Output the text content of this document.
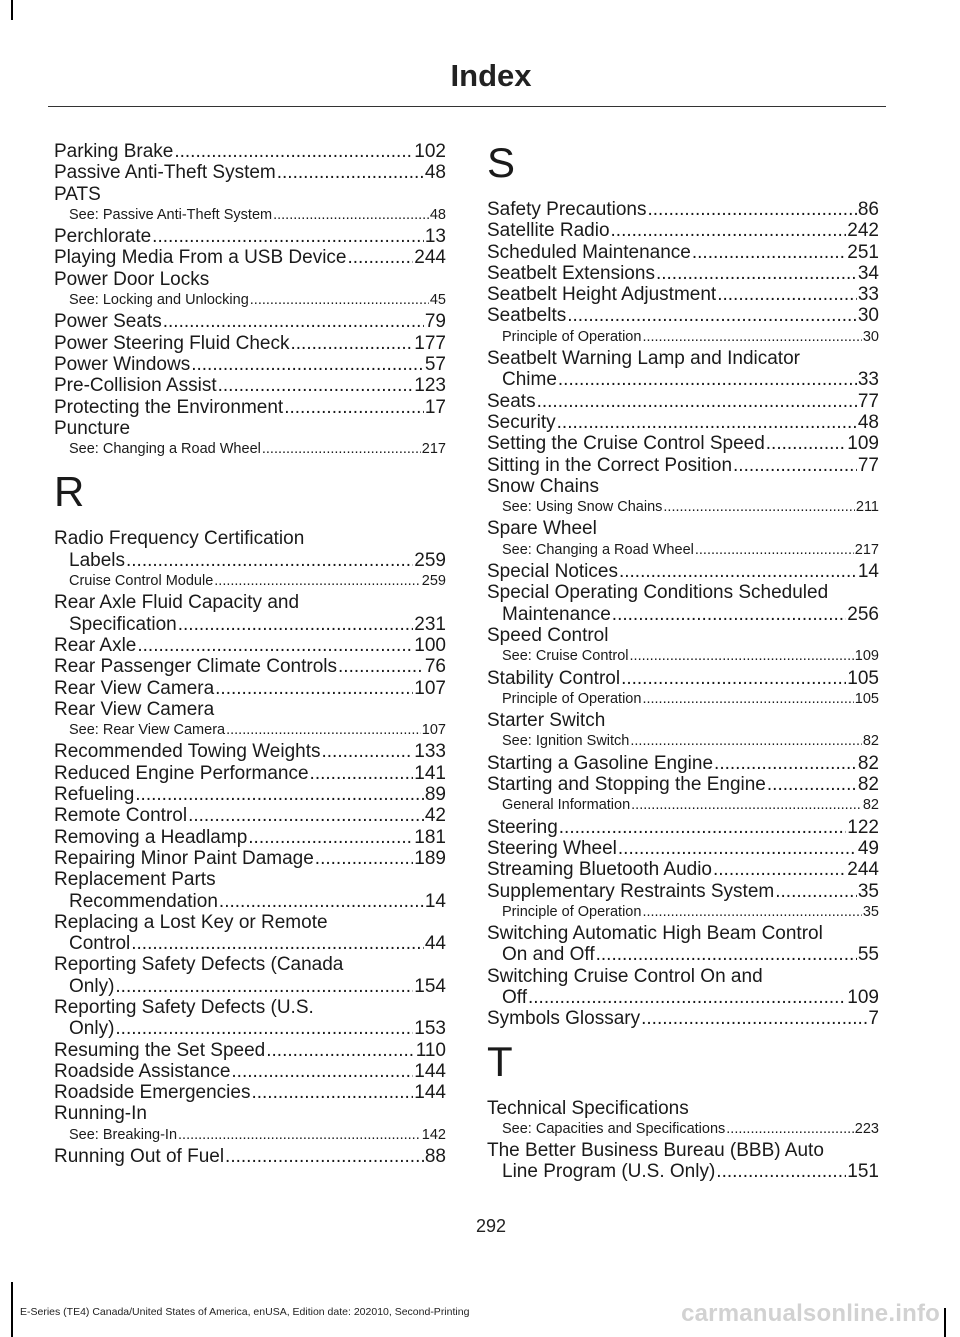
Index
Parking Brake .....	102
Passive Anti-Theft System .....	48
PATS
See: Passive Anti-Theft System .....	48
Perchlorate .....	13
Playing Media From a USB Device .....	244
Power Door Locks
See: Locking and Unlocking .....	45
Power Seats .....	79
Power Steering Fluid Check .....	177
Power Windows .....	57
Pre-Collision Assist .....	123
Protecting the Environment .....	17
Puncture
See: Changing a Road Wheel .....	217
R
Radio Frequency Certification
Labels .....	259
Cruise Control Module .....	259
Rear Axle Fluid Capacity and
Specification .....	231
Rear Axle .....	100
Rear Passenger Climate Controls .....	76
Rear View Camera .....	107
Rear View Camera
See: Rear View Camera .....	107
Recommended Towing Weights .....	133
Reduced Engine Performance .....	141
Refueling .....	89
Remote Control .....	42
Removing a Headlamp .....	181
Repairing Minor Paint Damage .....	189
Replacement Parts
Recommendation .....	14
Replacing a Lost Key or Remote
Control .....	44
Reporting Safety Defects (Canada
Only) .....	154
Reporting Safety Defects (U.S.
Only) .....	153
Resuming the Set Speed .....	110
Roadside Assistance .....	144
Roadside Emergencies .....	144
Running-In
See: Breaking-In .....	142
Running Out of Fuel .....	88
S
Safety Precautions .....	86
Satellite Radio .....	242
Scheduled Maintenance .....	251
Seatbelt Extensions .....	34
Seatbelt Height Adjustment .....	33
Seatbelts .....	30
Principle of Operation .....	30
Seatbelt Warning Lamp and Indicator
Chime .....	33
Seats .....	77
Security .....	48
Setting the Cruise Control Speed .....	109
Sitting in the Correct Position .....	77
Snow Chains
See: Using Snow Chains .....	211
Spare Wheel
See: Changing a Road Wheel .....	217
Special Notices .....	14
Special Operating Conditions Scheduled
Maintenance .....	256
Speed Control
See: Cruise Control .....	109
Stability Control .....	105
Principle of Operation .....	105
Starter Switch
See: Ignition Switch .....	82
Starting a Gasoline Engine .....	82
Starting and Stopping the Engine .....	82
General Information .....	82
Steering .....	122
Steering Wheel .....	49
Streaming Bluetooth Audio .....	244
Supplementary Restraints System .....	35
Principle of Operation .....	35
Switching Automatic High Beam Control
On and Off .....	55
Switching Cruise Control On and
Off .....	109
Symbols Glossary .....	7
T
Technical Specifications
See: Capacities and Specifications .....	223
The Better Business Bureau (BBB) Auto
Line Program (U.S. Only) .....	151
292
E-Series (TE4) Canada/United States of America, enUSA, Edition date: 202010, Second-Printing	carmanualsonline.info
